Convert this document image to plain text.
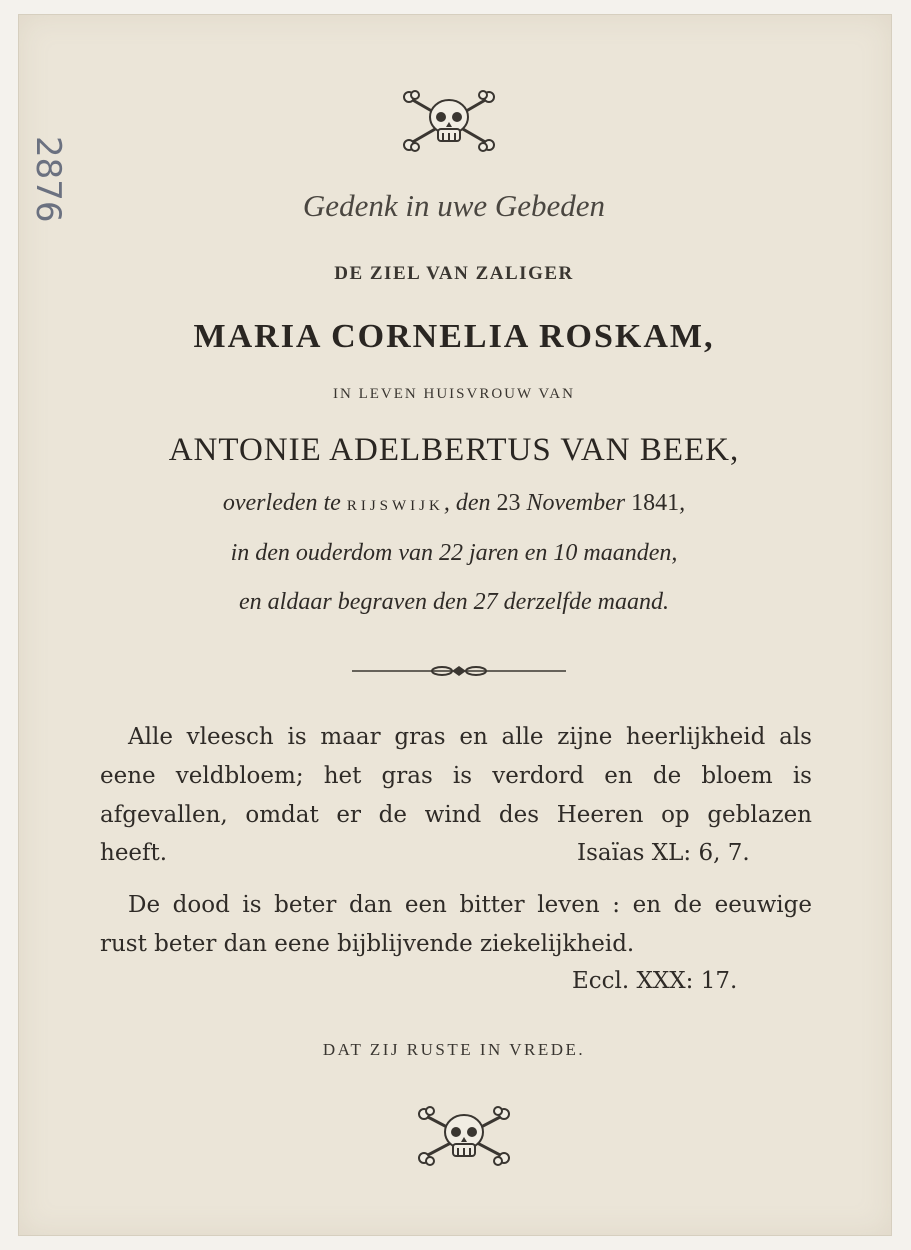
2876	Gedenk in uwe Gebeden
DE ZIEL VAN ZALIGER
MARIA CORNELIA ROSKAM,
IN LEVEN HUISVROUW VAN
ANTONIE ADELBERTUS VAN BEEK,
overleden te RIJSWIJK, den 23 November 1841,
in den ouderdom van 22 jaren en 10 maanden,
en aldaar begraven den 27 derzelfde maand.
Alle vleesch is maar gras en alle zijne heerlijkheid als
eene veldbloem; het gras is verdord en de bloem is
afgevallen, omdat er de wind des Heeren op geblazen
heeft.	Isaïas XL: 6, 7.
De dood is beter dan een bitter leven : en de eeuwige
rust beter dan eene bijblijvende ziekelijkheid.
Eccl. XXX: 17.
DAT ZIJ RUSTE IN VREDE.
